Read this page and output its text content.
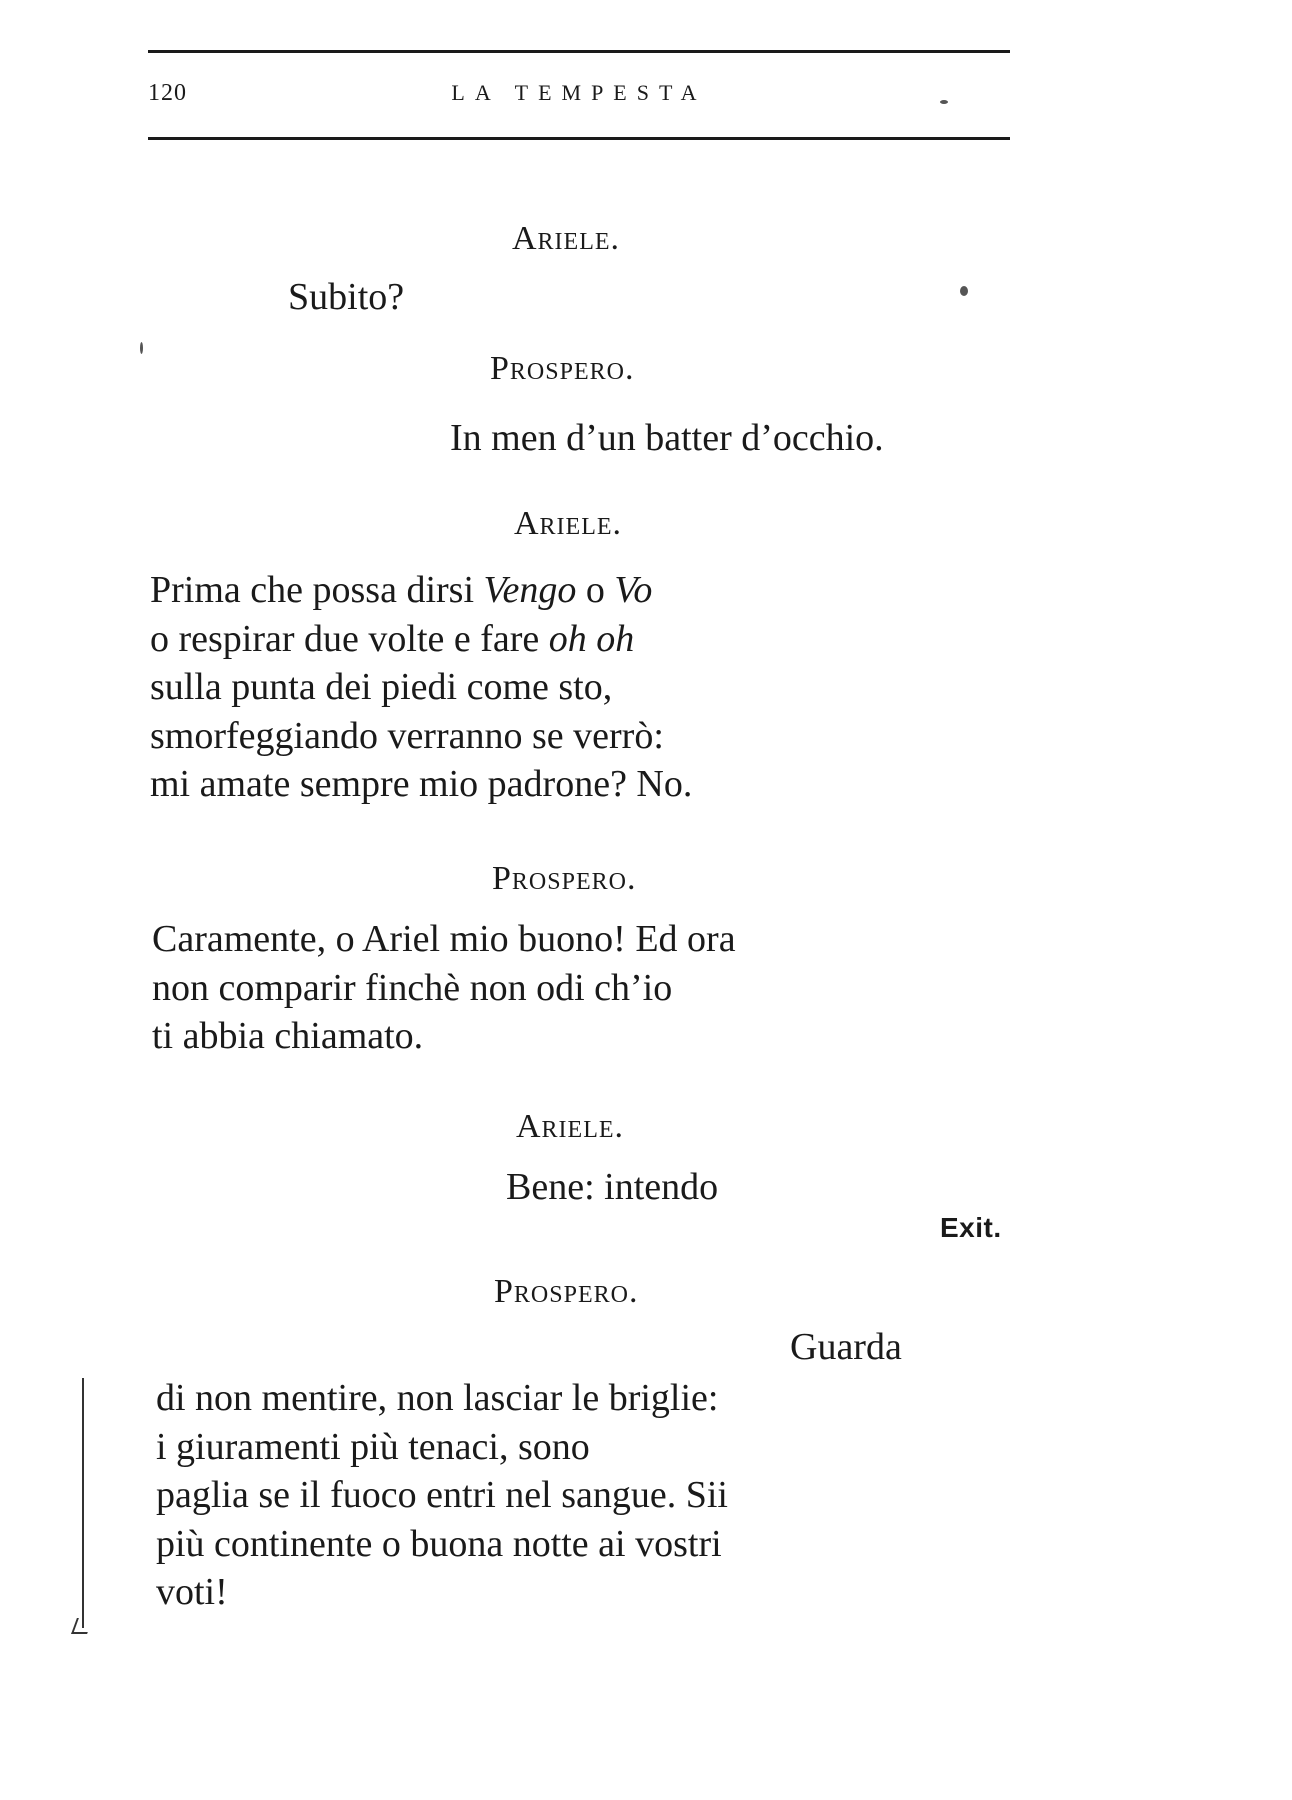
120	LA TEMPESTA
Ariele.
Subito?
Prospero.
In men d’un batter d’occhio.
Ariele.
Prima che possa dirsi Vengo o Vo
o respirar due volte e fare oh oh
sulla punta dei piedi come sto,
smorfeggiando verranno se verrò:
mi amate sempre mio padrone? No.
Prospero.
Caramente, o Ariel mio buono! Ed ora
non comparir finchè non odi ch’io
ti abbia chiamato.
Ariele.
Bene: intendo
Exit.
Prospero.
Guarda
di non mentire, non lasciar le briglie:
i giuramenti più tenaci, sono
paglia se il fuoco entri nel sangue. Sii
più continente o buona notte ai vostri
voti!
